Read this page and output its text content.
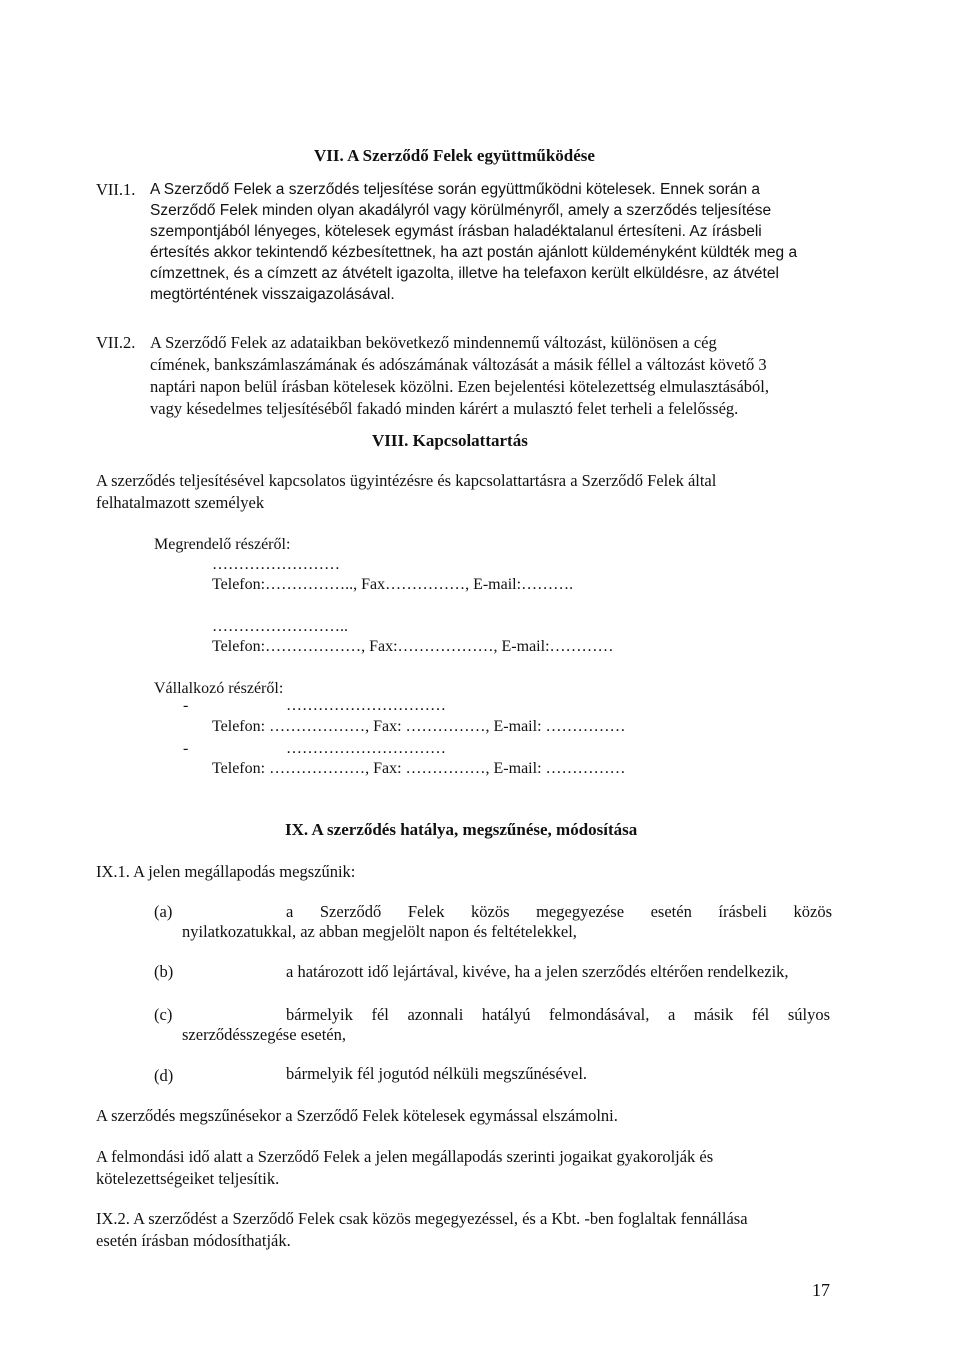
VII. A Szerződő Felek együttműködése
VII.1. A Szerződő Felek a szerződés teljesítése során együttműködni kötelesek. Ennek során a
Szerződő Felek minden olyan akadályról vagy körülményről, amely a szerződés teljesítése
szempontjából lényeges, kötelesek egymást írásban haladéktalanul értesíteni. Az írásbeli
értesítés akkor tekintendő kézbesítettnek, ha azt postán ajánlott küldeményként küldték meg a
címzettnek, és a címzett az átvételt igazolta, illetve ha telefaxon került elküldésre, az átvétel
megtörténtének visszaigazolásával.
VII.2. A Szerződő Felek az adataikban bekövetkező mindennemű változást, különösen a cég
címének, bankszámlaszámának és adószámának változását a másik féllel a változást követő 3
naptári napon belül írásban kötelesek közölni. Ezen bejelentési kötelezettség elmulasztásából,
vagy késedelmes teljesítéséből fakadó minden kárért a mulasztó felet terheli a felelősség.
VIII. Kapcsolattartás
A szerződés teljesítésével kapcsolatos ügyintézésre és kapcsolattartásra a Szerződő Felek által
felhatalmazott személyek
Megrendelő részéről:
……………………
Telefon:…………….., Fax……………, E-mail:……….
……………………..
Telefon:………………, Fax:………………, E-mail:…………
Vállalkozó részéről:
-	…………………………
Telefon: ………………, Fax: ……………, E-mail: ……………
-	…………………………
Telefon: ………………, Fax: ……………, E-mail: ……………
IX. A szerződés hatálya, megszűnése, módosítása
IX.1. A jelen megállapodás megszűnik:
(a)	a Szerződő Felek közös megegyezése esetén írásbeli közös
nyilatkozatukkal, az abban megjelölt napon és feltételekkel,
(b)	a határozott idő lejártával, kivéve, ha a jelen szerződés eltérően rendelkezik,
(c)	bármelyik fél azonnali hatályú felmondásával, a másik fél súlyos
szerződésszegése esetén,
(d)	bármelyik fél jogutód nélküli megszűnésével.
A szerződés megszűnésekor a Szerződő Felek kötelesek egymással elszámolni.
A felmondási idő alatt a Szerződő Felek a jelen megállapodás szerinti jogaikat gyakorolják és
kötelezettségeiket teljesítik.
IX.2. A szerződést a Szerződő Felek csak közös megegyezéssel, és a Kbt. -ben foglaltak fennállása
esetén írásban módosíthatják.
17
